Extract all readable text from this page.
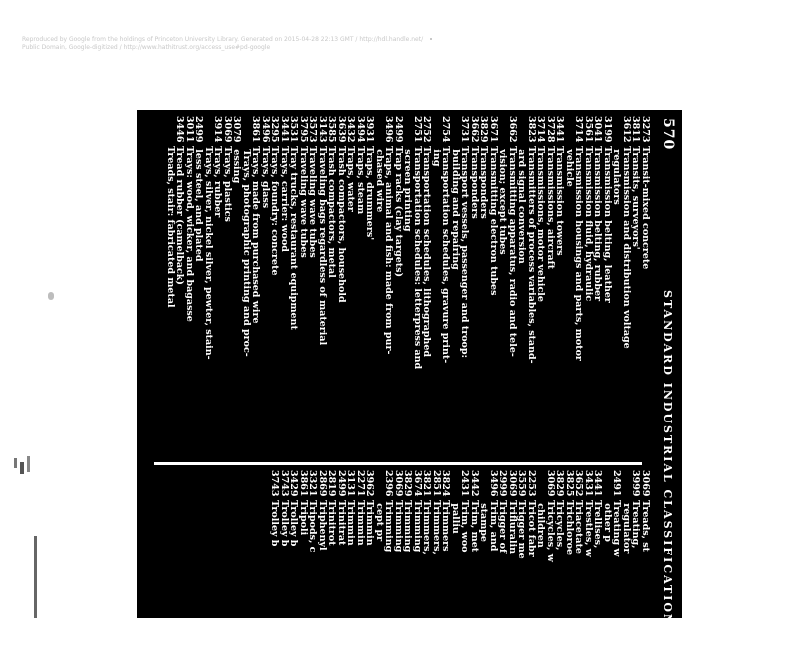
Reproduced by Google from the holdings of Princeton University Library. Generated on 2015-04-28 22:13 GMT / http://hdl.handle.net/
Public Domain, Google-digitized / http://www.hathitrust.org/access_use#pd-google
570
STANDARD INDUSTRIAL CLASSIFICATION
3273Transit-mixed concrete
3811Transits, surveyors'
3612Transmission and distribution voltage
regulators
3199Transmission belting, leather
3041Transmission belting, rubber
3561Transmission fluid, hydraulic
3714Transmission housings and parts, motor
vehicle
3441Transmission towers
3728Transmissions, aircraft
3714Transmissions, motor vehicle
3823Transmitters of process variables, stand-
ard signal conversion
3662Transmitting apparatus, radio and tele-
vision; except tubes
3671Transmitting electron tubes
3829Transponders
3662Transponders
3731Transport vessels, passenger and troop:
building and repairing
2754Transportation schedules, gravure print-
ing
2752Transportation schedules, lithographed
2751Transportation schedules: letterpress and
screen printing
2499Trap racks (clay targets)
3496Traps, animal and fish: made from pur-
chased wire
3931Traps, drummers'
3494Traps, steam
3432Traps, water
3639Trash compactors, household
3585Trash compactors, metal
3143Traveling bags regardless of material
3573Traveling wave tubes
3795Traveling wave tubes
3531Tray trucks, restaurant equipment
3441Trays, carrier: wood
3295Trays, foundry: concrete
3496Trays, glass
3861Trays, made from purchased wire
Trays, photographic printing and proc-
3079 essing
3069Trays, plastics
3914Trays, rubber
Trays, silver, nickel silver, pewter, stain-
2499 less steel, and plated
3011Trays: wood, wicker, and bagasse
3446Tread rubber (camelback)
Treads, stair: fabricated metal
3069Treads, st
3999Treating,
regulator
2491Treating w
other p
3441Trellises,
3431Trestles, w
3652Triacetate
3825Trichloroe
3829Tricycles,
3069Tricycles, w
children
2253Tricot fabr
3559Trigger me
3069Trifluralin
2999Trigger of
3496Trim, and
stampe
3442Trim, met
2431Trim, woo
palliu
3824Trimmers
2851Trimmers,
3821Trimmers,
3674Trimming
3829Trimming
3069Trimming
2396Trimming
cept pr
3962Trimmin
2271Trimmin
3131Trimmin
2499Trinitrat
2819Trinitrot
2869Triphenyl
3321Tripods, c
3861Tripoli
3429Trolley b
3743Trolley b
3743Trolley b
